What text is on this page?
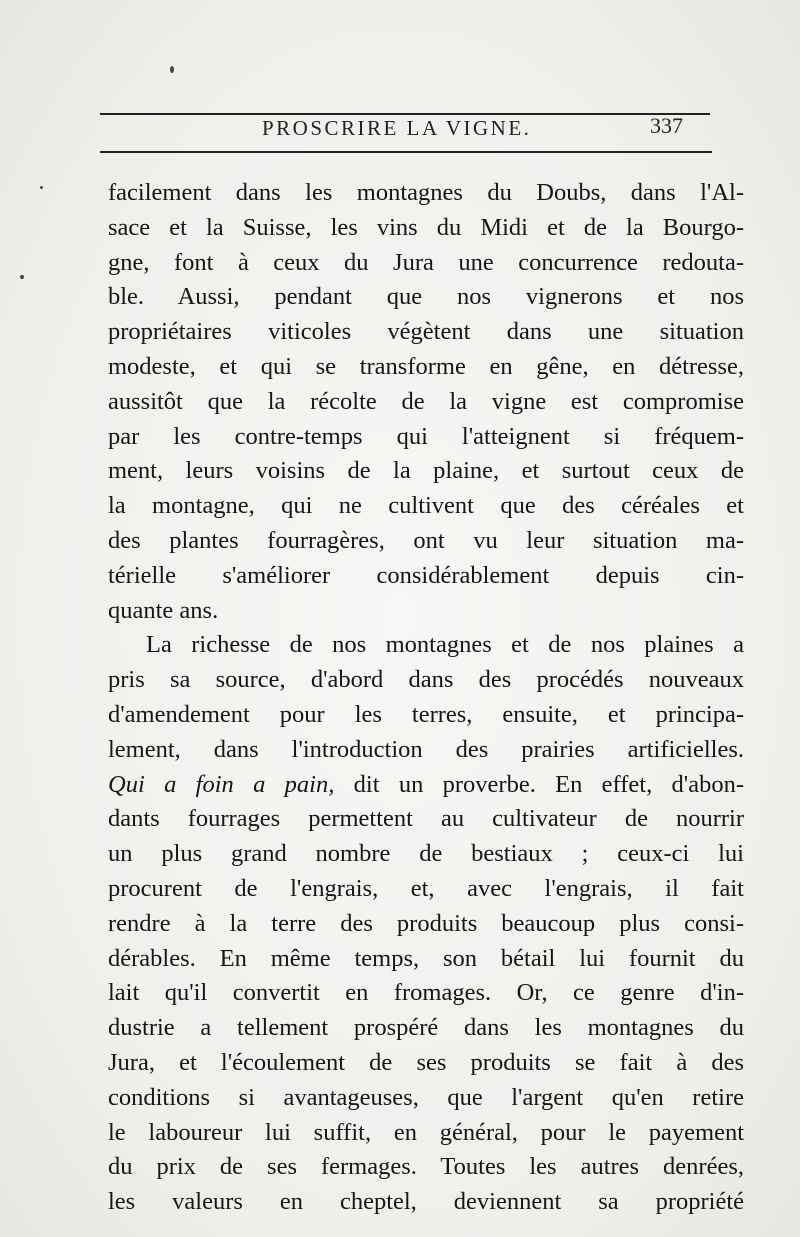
PROSCRIRE LA VIGNE.	337
facilement dans les montagnes du Doubs, dans l'Al-
sace et la Suisse, les vins du Midi et de la Bourgo-
gne, font à ceux du Jura une concurrence redouta-
ble. Aussi, pendant que nos vignerons et nos
propriétaires viticoles végètent dans une situation
modeste, et qui se transforme en gêne, en détresse,
aussitôt que la récolte de la vigne est compromise
par les contre-temps qui l'atteignent si fréquem-
ment, leurs voisins de la plaine, et surtout ceux de
la montagne, qui ne cultivent que des céréales et
des plantes fourragères, ont vu leur situation ma-
térielle s'améliorer considérablement depuis cin-
quante ans.
La richesse de nos montagnes et de nos plaines a
pris sa source, d'abord dans des procédés nouveaux
d'amendement pour les terres, ensuite, et principa-
lement, dans l'introduction des prairies artificielles.
Qui a foin a pain, dit un proverbe. En effet, d'abon-
dants fourrages permettent au cultivateur de nourrir
un plus grand nombre de bestiaux ; ceux-ci lui
procurent de l'engrais, et, avec l'engrais, il fait
rendre à la terre des produits beaucoup plus consi-
dérables. En même temps, son bétail lui fournit du
lait qu'il convertit en fromages. Or, ce genre d'in-
dustrie a tellement prospéré dans les montagnes du
Jura, et l'écoulement de ses produits se fait à des
conditions si avantageuses, que l'argent qu'en retire
le laboureur lui suffit, en général, pour le payement
du prix de ses fermages. Toutes les autres denrées,
les valeurs en cheptel, deviennent sa propriété
